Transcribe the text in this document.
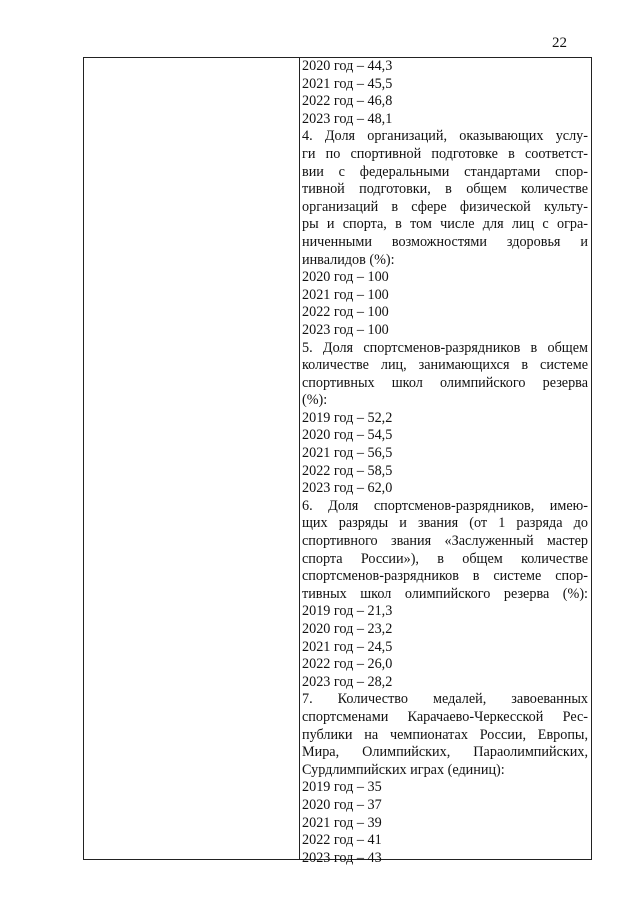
22
2020 год – 44,3
2021 год – 45,5
2022 год – 46,8
2023 год – 48,1
4. Доля организаций, оказывающих услу-
ги по спортивной подготовке в соответст-
вии с федеральными стандартами спор-
тивной подготовки, в общем количестве
организаций в сфере физической культу-
ры и спорта, в том числе для лиц с огра-
ниченными возможностями здоровья и
инвалидов (%):
2020 год – 100
2021 год – 100
2022 год – 100
2023 год – 100
5. Доля спортсменов-разрядников в общем
количестве лиц, занимающихся в системе
спортивных школ олимпийского резерва
(%):
2019 год – 52,2
2020 год – 54,5
2021 год – 56,5
2022 год – 58,5
2023 год – 62,0
6. Доля спортсменов-разрядников, имею-
щих разряды и звания (от 1 разряда до
спортивного звания «Заслуженный мастер
спорта России»), в общем количестве
спортсменов-разрядников в системе спор-
тивных школ олимпийского резерва (%):
2019 год – 21,3
2020 год – 23,2
2021 год – 24,5
2022 год – 26,0
2023 год – 28,2
7. Количество медалей, завоеванных
спортсменами Карачаево-Черкесской Рес-
публики на чемпионатах России, Европы,
Мира, Олимпийских, Параолимпийских,
Сурдлимпийских играх (единиц):
2019 год – 35
2020 год – 37
2021 год – 39
2022 год – 41
2023 год – 43
